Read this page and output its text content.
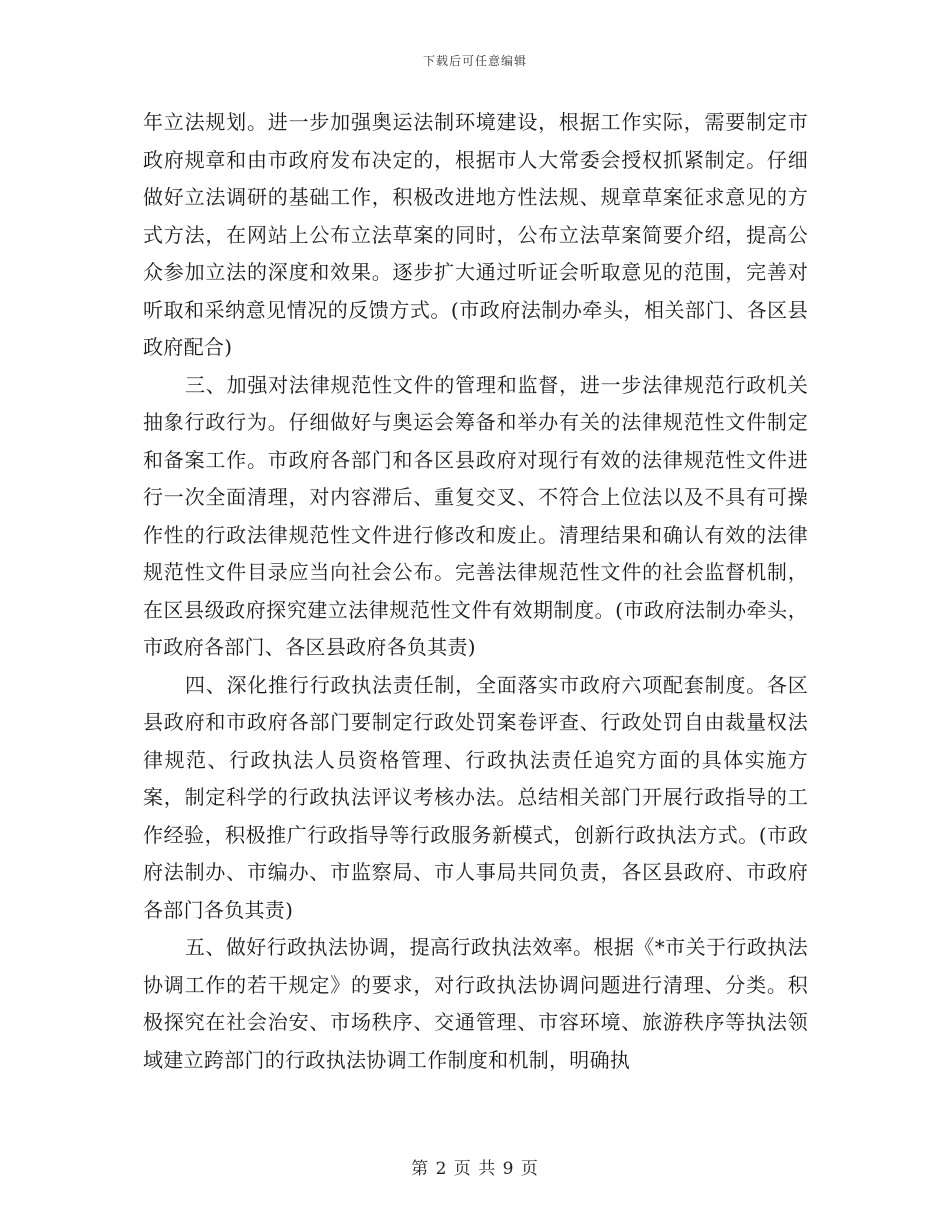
下载后可任意编辑

年立法规划。进一步加强奥运法制环境建设，根据工作实际，需要制定市政府规章和由市政府发布决定的，根据市人大常委会授权抓紧制定。仔细做好立法调研的基础工作，积极改进地方性法规、规章草案征求意见的方式方法，在网站上公布立法草案的同时，公布立法草案简要介绍，提高公众参加立法的深度和效果。逐步扩大通过听证会听取意见的范围，完善对听取和采纳意见情况的反馈方式。(市政府法制办牵头，相关部门、各区县政府配合)

三、加强对法律规范性文件的管理和监督，进一步法律规范行政机关抽象行政行为。仔细做好与奥运会筹备和举办有关的法律规范性文件制定和备案工作。市政府各部门和各区县政府对现行有效的法律规范性文件进行一次全面清理，对内容滞后、重复交叉、不符合上位法以及不具有可操作性的行政法律规范性文件进行修改和废止。清理结果和确认有效的法律规范性文件目录应当向社会公布。完善法律规范性文件的社会监督机制，在区县级政府探究建立法律规范性文件有效期制度。(市政府法制办牵头，市政府各部门、各区县政府各负其责)

四、深化推行行政执法责任制，全面落实市政府六项配套制度。各区县政府和市政府各部门要制定行政处罚案卷评查、行政处罚自由裁量权法律规范、行政执法人员资格管理、行政执法责任追究方面的具体实施方案，制定科学的行政执法评议考核办法。总结相关部门开展行政指导的工作经验，积极推广行政指导等行政服务新模式，创新行政执法方式。(市政府法制办、市编办、市监察局、市人事局共同负责，各区县政府、市政府各部门各负其责)

五、做好行政执法协调，提高行政执法效率。根据《*市关于行政执法协调工作的若干规定》的要求，对行政执法协调问题进行清理、分类。积极探究在社会治安、市场秩序、交通管理、市容环境、旅游秩序等执法领域建立跨部门的行政执法协调工作制度和机制，明确执

第 2 页 共 9 页
